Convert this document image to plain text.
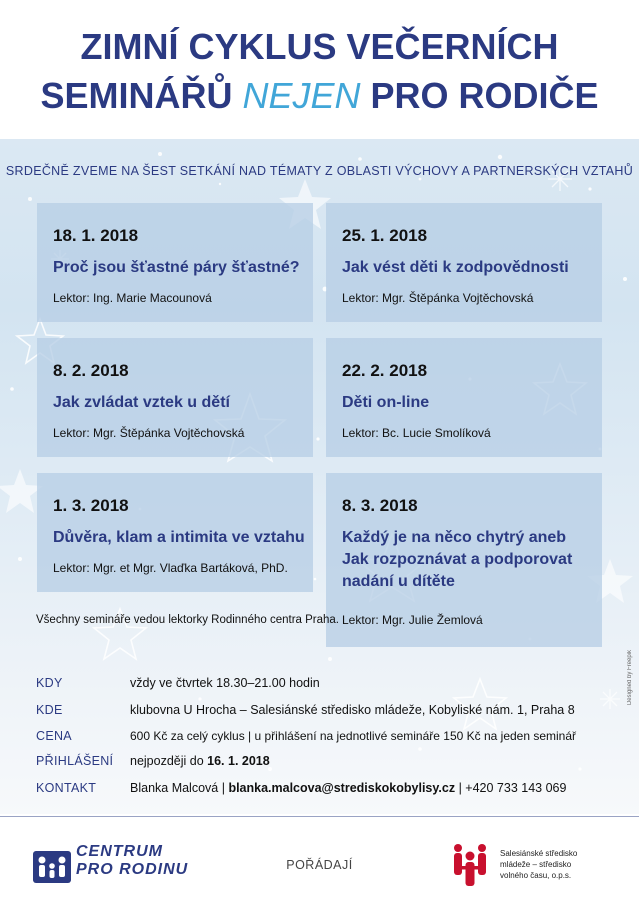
ZIMNÍ CYKLUS VEČERNÍCH
SEMINÁŘŮ NEJEN PRO RODIČE
SRDEČNĚ ZVEME NA ŠEST SETKÁNÍ NAD TÉMATY Z OBLASTI VÝCHOVY A PARTNERSKÝCH VZTAHŮ
18. 1. 2018
Proč jsou šťastné páry šťastné?
Lektor: Ing. Marie Macounová
25. 1. 2018
Jak vést děti k zodpovědnosti
Lektor: Mgr. Štěpánka Vojtěchovská
8. 2. 2018
Jak zvládat vztek u dětí
Lektor: Mgr. Štěpánka Vojtěchovská
22. 2. 2018
Děti on-line
Lektor: Bc. Lucie Smolíková
1. 3. 2018
Důvěra, klam a intimita ve vztahu
Lektor: Mgr. et Mgr. Vlaďka Bartáková, PhD.
8. 3. 2018
Každý je na něco chytrý aneb Jak rozpoznávat a podporovat nadání u dítěte
Lektor: Mgr. Julie Žemlová
Všechny semináře vedou lektorky Rodinného centra Praha.
Designed by Freepik
KDY	vždy ve čtvrtek 18.30–21.00 hodin
KDE	klubovna U Hrocha – Salesiánské středisko mládeže, Kobyliské nám. 1, Praha 8
CENA	600 Kč za celý cyklus | u přihlášení na jednotlivé semináře 150 Kč na jeden seminář
PŘIHLÁŠENÍ nejpozději do 16. 1. 2018
KONTAKT	Blanka Malcová | blanka.malcova@strediskokobylisy.cz | +420 733 143 069
CENTRUM
PRO RODINU	POŘÁDAJÍ
Salesiánské středisko
mládeže – středisko
volného času, o.p.s.
